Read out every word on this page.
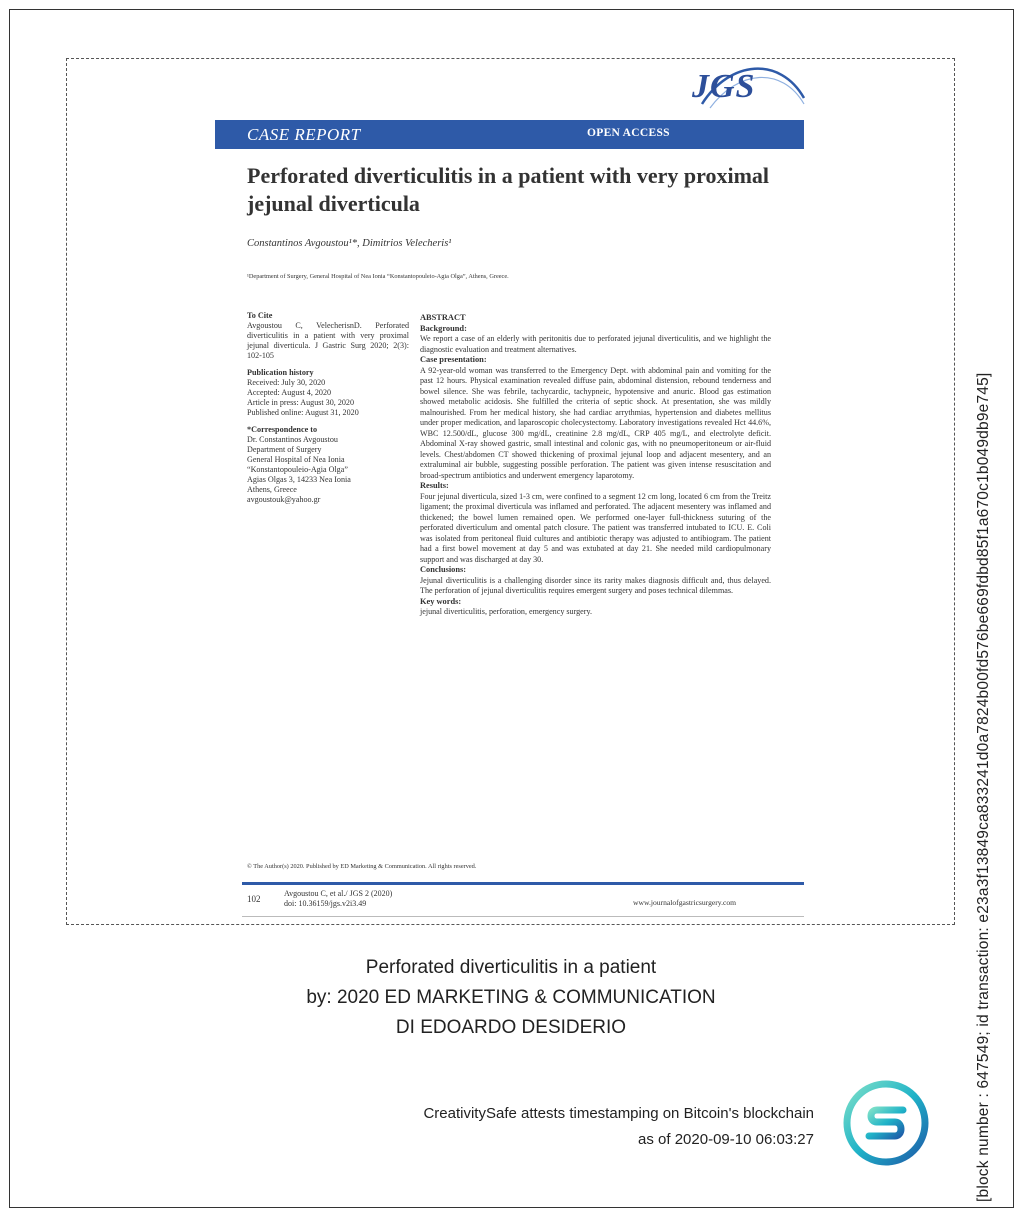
JGS
CASE REPORT	OPEN ACCESS
Perforated diverticulitis in a patient with very proximal jejunal diverticula
Constantinos Avgoustou¹*, Dimitrios Velecheris¹
¹Department of Surgery, General Hospital of Nea Ionia “Konstantopouleio-Agia Olga”, Athens, Greece.
To Cite
Avgoustou C, VelecherisnD. Perforated diverticulitis in a patient with very proximal jejunal diverticula. J Gastric Surg 2020; 2(3): 102-105
Publication history
Received: July 30, 2020
Accepted: August 4, 2020
Article in press: August 30, 2020
Published online: August 31, 2020
*Correspondence to
Dr. Constantinos Avgoustou
Department of Surgery
General Hospital of Nea Ionia
“Konstantopouleio-Agia Olga”
Agias Olgas 3, 14233 Nea Ionia
Athens, Greece
avgoustouk@yahoo.gr
ABSTRACT
Background:

We report a case of an elderly with peritonitis due to perforated jejunal diverticulitis, and we highlight the diagnostic evaluation and treatment alternatives.

Case presentation:

A 92-year-old woman was transferred to the Emergency Dept. with abdominal pain and vomiting for the past 12 hours. Physical examination revealed diffuse pain, abdominal distension, rebound tenderness and bowel silence. She was febrile, tachycardic, tachypneic, hypotensive and anuric. Blood gas estimation showed metabolic acidosis. She fulfilled the criteria of septic shock. At presentation, she was mildly malnourished. From her medical history, she had cardiac arrythmias, hypertension and diabetes mellitus under proper medication, and laparoscopic cholecystectomy. Laboratory investigations revealed Hct 44.6%, WBC 12.500/dL, glucose 300 mg/dL, creatinine 2.8 mg/dL, CRP 405 mg/L, and electrolyte deficit. Abdominal X-ray showed gastric, small intestinal and colonic gas, with no pneumoperitoneum or air-fluid levels. Chest/abdomen CT showed thickening of proximal jejunal loop and adjacent mesentery, and an extraluminal air bubble, suggesting possible perforation. The patient was given intense resuscitation and broad-spectrum antibiotics and underwent emergency laparotomy.

Results:

Four jejunal diverticula, sized 1-3 cm, were confined to a segment 12 cm long, located 6 cm from the Treitz ligament; the proximal diverticula was inflamed and perforated. The adjacent mesentery was inflamed and thickened; the bowel lumen remained open. We performed one-layer full-thickness suturing of the perforated diverticulum and omental patch closure. The patient was transferred intubated to ICU. E. Coli was isolated from peritoneal fluid cultures and antibiotic therapy was adjusted to antibiogram. The patient had a first bowel movement at day 5 and was extubated at day 21. She needed mild cardiopulmonary support and was discharged at day 30.

Conclusions:

Jejunal diverticulitis is a challenging disorder since its rarity makes diagnosis difficult and, thus delayed. The perforation of jejunal diverticulitis requires emergent surgery and poses technical dilemmas.

Key words:

jejunal diverticulitis, perforation, emergency surgery.

© The Author(s) 2020. Published by ED Marketing & Communication. All rights reserved.
102
Avgoustou C, et al./ JGS 2 (2020)
doi: 10.36159/jgs.v2i3.49	www.journalofgastricsurgery.com
Perforated diverticulitis in a patient
by: 2020 ED MARKETING & COMMUNICATION
DI EDOARDO DESIDERIO
CreativitySafe attests timestamping on Bitcoin's blockchain
as of 2020-09-10 06:03:27	[block number : 647549; id transaction: e23a3f13849ca833241d0a7824b00fd576be669fdbd85f1a670c1b049db9e745]
